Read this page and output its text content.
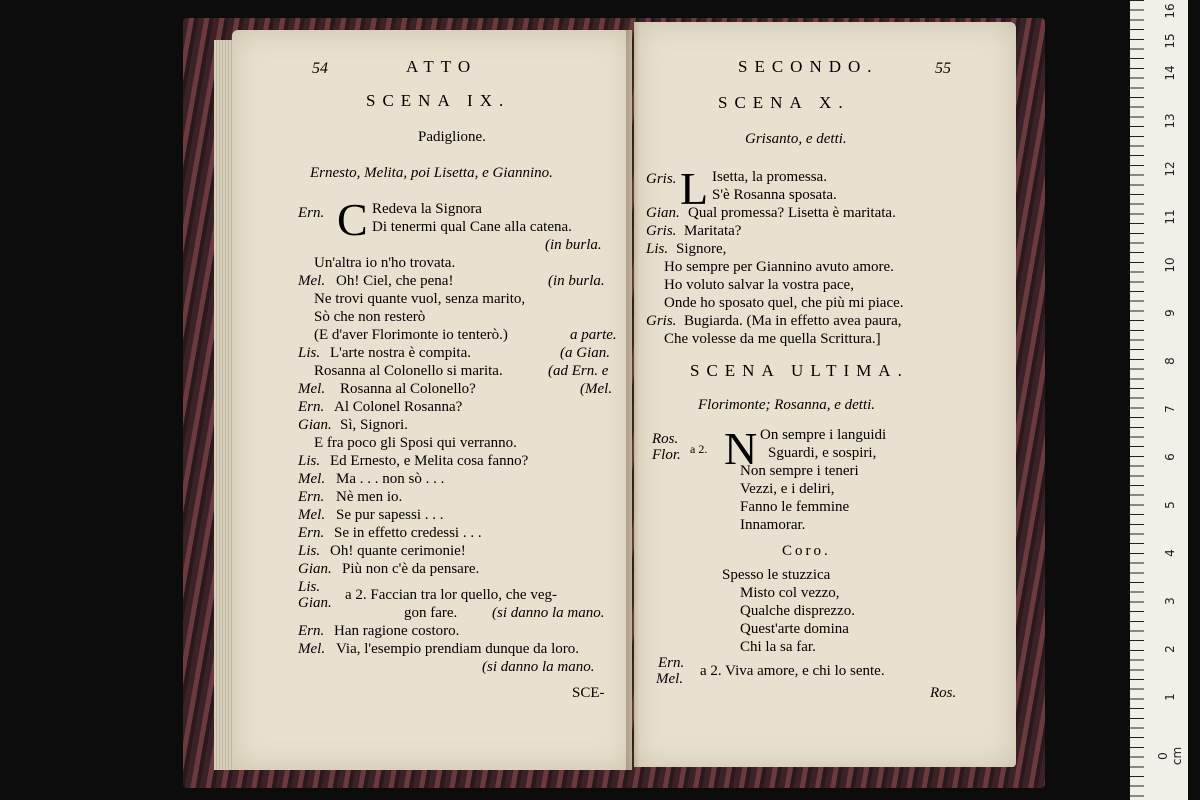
54	ATTO
SCENA IX.
Padiglione.
Ernesto, Melita, poi Lisetta, e Giannino.
C
Ern.	Redeva la Signora
Di tenermi qual Cane alla catena.
(in burla.
Un'altra io n'ho trovata.
Mel. Oh! Ciel, che pena!	(in burla.
Ne trovi quante vuol, senza marito,
Sò che non resterò
(E d'aver Florimonte io tenterò.)	a parte.
Lis. L'arte nostra è compita.	(a Gian.
Rosanna al Colonello si marita.	(ad Ern. e
Mel. Rosanna al Colonello?	(Mel.
Ern. Al Colonel Rosanna?
Gian. Sì, Signori.
E fra poco gli Sposi qui verranno.
Lis. Ed Ernesto, e Melita cosa fanno?
Mel. Ma . . . non sò . . .
Ern. Nè men io.
Mel. Se pur sapessi . . .
Ern. Se in effetto credessi . . .
Lis. Oh! quante cerimonie!
Gian. Più non c'è da pensare.
Lis.
Gian. a 2. Faccian tra lor quello, che veg-
gon fare. (si danno la mano.
Ern. Han ragione costoro.
Mel. Via, l'esempio prendiam dunque da loro.
(si danno la mano.
SCE-
SECONDO.	55
SCENA X.
Grisanto, e detti.
L
Gris. Isetta, la promessa.
S'è Rosanna sposata.
Gian. Qual promessa? Lisetta è maritata.
Gris. Maritata?
Lis. Signore,
Ho sempre per Giannino avuto amore.
Ho voluto salvar la vostra pace,
Onde ho sposato quel, che più mi piace.
Gris. Bugiarda. (Ma in effetto avea paura,
Che volesse da me quella Scrittura.]
SCENA ULTIMA.
Florimonte; Rosanna, e detti.
Ros.
Flor. a 2. N On sempre i languidi
Sguardi, e sospiri,
Non sempre i teneri
Vezzi, e i deliri,
Fanno le femmine
Innamorar.
Coro.
Spesso le stuzzica
Misto col vezzo,
Qualche disprezzo.
Quest'arte domina
Chi la sa far.
Ern.
Mel. a 2. Viva amore, e chi lo sente.
Ros.
0 cm
1
2
3
4
5
6
7
8
9
10
11
12
13
14
15
16
